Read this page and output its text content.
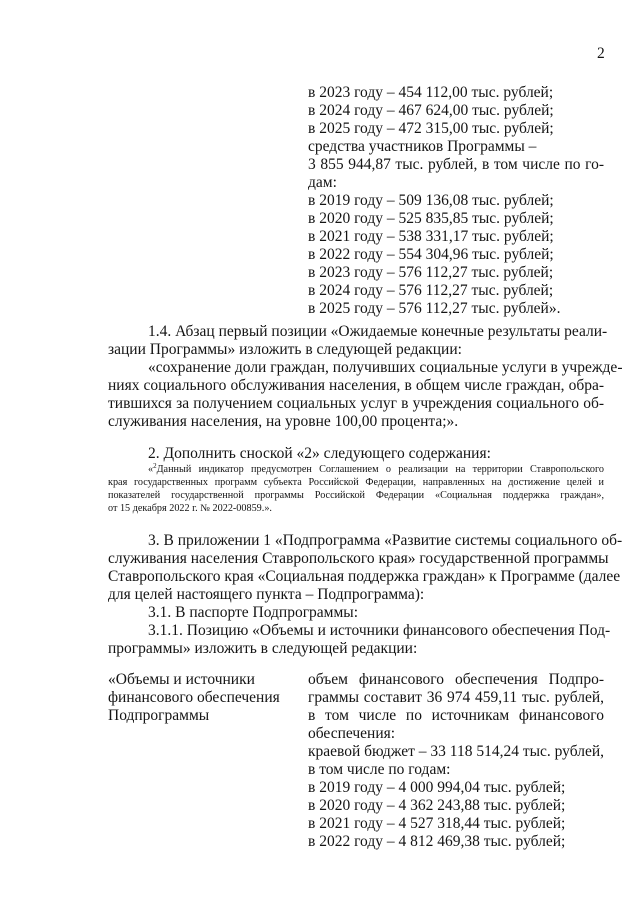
2
в 2023 году – 454 112,00 тыс. рублей;
в 2024 году – 467 624,00 тыс. рублей;
в 2025 году – 472 315,00 тыс. рублей;
средства участников Программы –
3 855 944,87 тыс. рублей, в том числе по го-
дам:
в 2019 году – 509 136,08 тыс. рублей;
в 2020 году – 525 835,85 тыс. рублей;
в 2021 году – 538 331,17 тыс. рублей;
в 2022 году – 554 304,96 тыс. рублей;
в 2023 году – 576 112,27 тыс. рублей;
в 2024 году – 576 112,27 тыс. рублей;
в 2025 году – 576 112,27 тыс. рублей».
1.4. Абзац первый позиции «Ожидаемые конечные результаты реали-
зации Программы» изложить в следующей редакции:
«сохранение доли граждан, получивших социальные услуги в учрежде-
ниях социального обслуживания населения, в общем числе граждан, обра-
тившихся за получением социальных услуг в учреждения социального об-
служивания населения, на уровне 100,00 процента;».
2. Дополнить сноской «2» следующего содержания:
«$^2$Данный индикатор предусмотрен Соглашением о реализации на территории Ставропольского
края государственных программ субъекта Российской Федерации, направленных на достижение целей и
показателей государственной программы Российской Федерации «Социальная поддержка граждан»,
от 15 декабря 2022 г. № 2022-00859.».
3. В приложении 1 «Подпрограмма «Развитие системы социального об-
служивания населения Ставропольского края» государственной программы
Ставропольского края «Социальная поддержка граждан» к Программе (далее
для целей настоящего пункта – Подпрограмма):
3.1. В паспорте Подпрограммы:
3.1.1. Позицию «Объемы и источники финансового обеспечения Под-
программы» изложить в следующей редакции:
«Объемы и источники
финансового обеспечения
Подпрограммы
объем финансового обеспечения Подпро-
граммы составит 36 974 459,11 тыс. рублей,
в том числе по источникам финансового
обеспечения:
краевой бюджет – 33 118 514,24 тыс. рублей,
в том числе по годам:
в 2019 году – 4 000 994,04 тыс. рублей;
в 2020 году – 4 362 243,88 тыс. рублей;
в 2021 году – 4 527 318,44 тыс. рублей;
в 2022 году – 4 812 469,38 тыс. рублей;
